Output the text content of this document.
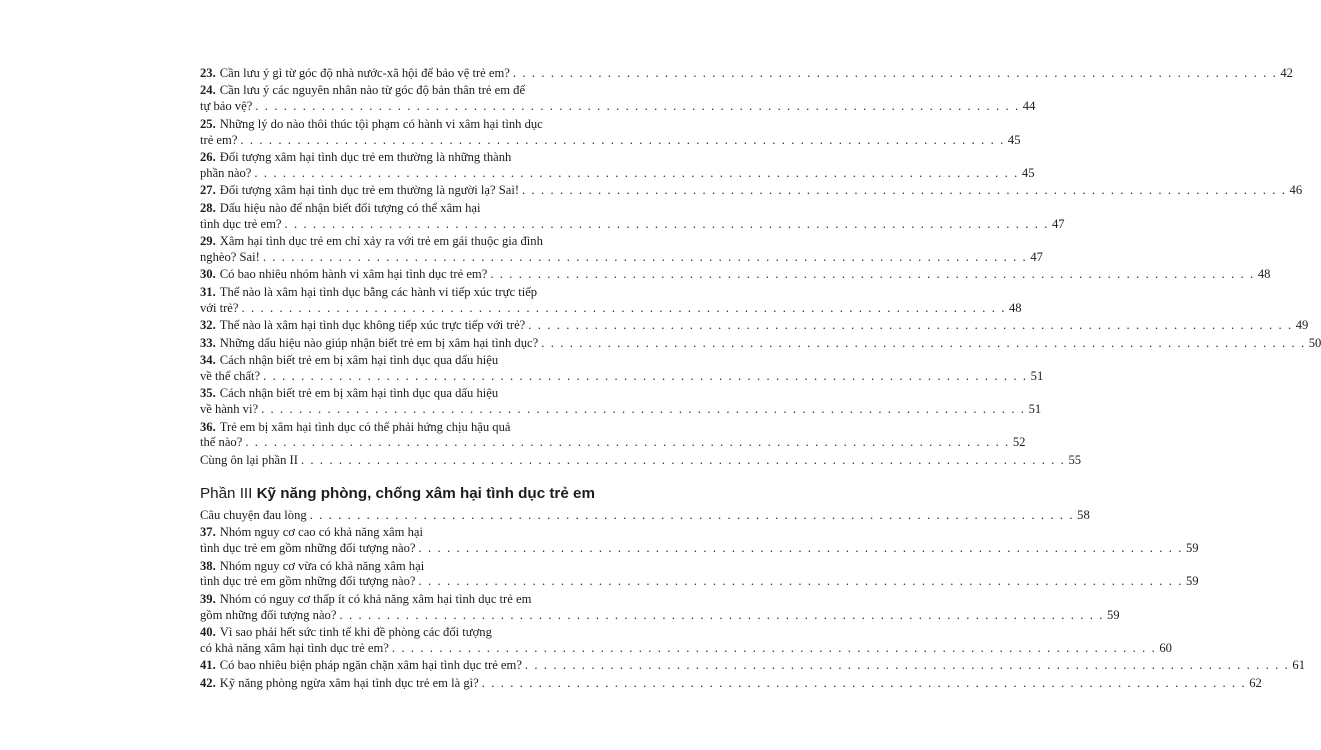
23. Cần lưu ý gì từ góc độ nhà nước-xã hội để bảo vệ trẻ em? . . .	42
24. Cần lưu ý các nguyên nhân nào từ góc độ bản thân trẻ em để
tự bảo vệ? . . .	44
25. Những lý do nào thôi thúc tội phạm có hành vi xâm hại tình dục
trẻ em? . . .	45
26. Đối tượng xâm hại tình dục trẻ em thường là những thành
phần nào? . . .	45
27. Đối tượng xâm hại tình dục trẻ em thường là người lạ? Sai! . . .	46
28. Dấu hiệu nào để nhận biết đối tượng có thể xâm hại
tình dục trẻ em? . . .	47
29. Xâm hại tình dục trẻ em chỉ xảy ra với trẻ em gái thuộc gia đình
nghèo? Sai! . . .	47
30. Có bao nhiêu nhóm hành vi xâm hại tình dục trẻ em? . . .	48
31. Thế nào là xâm hại tình dục bằng các hành vi tiếp xúc trực tiếp
với trẻ? . . .	48
32. Thế nào là xâm hại tình dục không tiếp xúc trực tiếp với trẻ? . . .	49
33. Những dấu hiệu nào giúp nhận biết trẻ em bị xâm hại tình dục? . . .	50
34. Cách nhận biết trẻ em bị xâm hại tình dục qua dấu hiệu
về thể chất? . . .	51
35. Cách nhận biết trẻ em bị xâm hại tình dục qua dấu hiệu
về hành vi? . . .	51
36. Trẻ em bị xâm hại tình dục có thể phải hứng chịu hậu quả
thế nào? . . .	52
Cùng ôn lại phần II . . .	55
Phần III Kỹ năng phòng, chống xâm hại tình dục trẻ em
Câu chuyện đau lòng . . .	58
37. Nhóm nguy cơ cao có khả năng xâm hại
tình dục trẻ em gồm những đối tượng nào? . . .	59
38. Nhóm nguy cơ vừa có khả năng xâm hại
tình dục trẻ em gồm những đối tượng nào? . . .	59
39. Nhóm có nguy cơ thấp ít có khả năng xâm hại tình dục trẻ em
gồm những đối tượng nào? . . .	59
40. Vì sao phải hết sức tinh tế khi đề phòng các đối tượng
có khả năng xâm hại tình dục trẻ em? . . .	60
41. Có bao nhiêu biện pháp ngăn chặn xâm hại tình dục trẻ em? . . .	61
42. Kỹ năng phòng ngừa xâm hại tình dục trẻ em là gì? . . .	62
